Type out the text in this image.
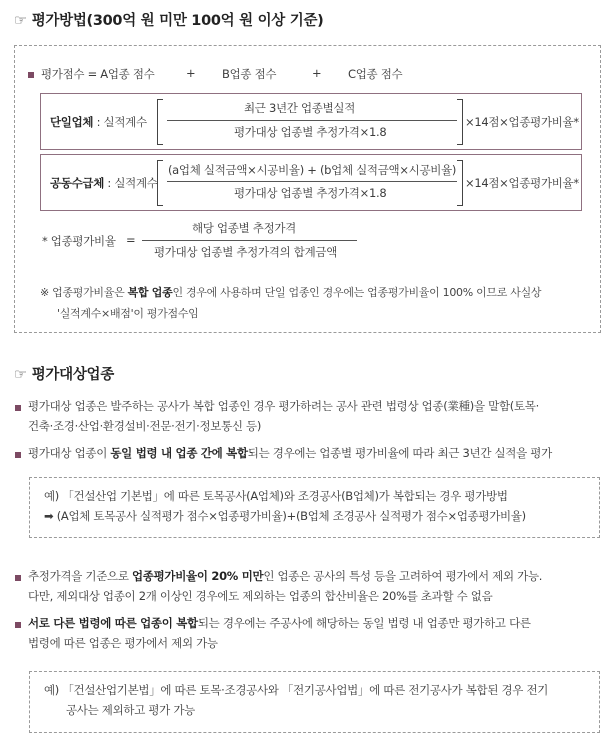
☞ 평가방법(300억 원 미만 100억 원 이상 기준)
평가점수 = A업종 점수	+ B업종 점수	+ C업종 점수
단일업체 : 실적계수
최근 3년간 업종별실적
평가대상 업종별 추정가격×1.8
×14점×업종평가비율*
공동수급체 : 실적계수
(a업체 실적금액×시공비율) + (b업체 실적금액×시공비율)
평가대상 업종별 추정가격×1.8
×14점×업종평가비율*
* 업종평가비율 =
해당 업종별 추정가격
평가대상 업종별 추정가격의 합계금액
※ 업종평가비율은 복합 업종인 경우에 사용하며 단일 업종인 경우에는 업종평가비율이 100% 이므로 사실상
'실적계수×배점'이 평가점수임
☞ 평가대상업종
평가대상 업종은 발주하는 공사가 복합 업종인 경우 평가하려는 공사 관련 법령상 업종(業種)을 말함(토목·
건축·조경·산업·환경설비·전문·전기·정보통신 등)
평가대상 업종이 동일 법령 내 업종 간에 복합되는 경우에는 업종별 평가비율에 따라 최근 3년간 실적을 평가
예) 「건설산업 기본법」에 따른 토목공사(A업체)와 조경공사(B업체)가 복합되는 경우 평가방법
➡ (A업체 토목공사 실적평가 점수×업종평가비율)+(B업체 조경공사 실적평가 점수×업종평가비율)
추정가격을 기준으로 업종평가비율이 20% 미만인 업종은 공사의 특성 등을 고려하여 평가에서 제외 가능.
다만, 제외대상 업종이 2개 이상인 경우에도 제외하는 업종의 합산비율은 20%를 초과할 수 없음
서로 다른 법령에 따른 업종이 복합되는 경우에는 주공사에 해당하는 동일 법령 내 업종만 평가하고 다른
법령에 따른 업종은 평가에서 제외 가능
예) 「건설산업기본법」에 따른 토목·조경공사와 「전기공사업법」에 따른 전기공사가 복합된 경우 전기
공사는 제외하고 평가 가능
